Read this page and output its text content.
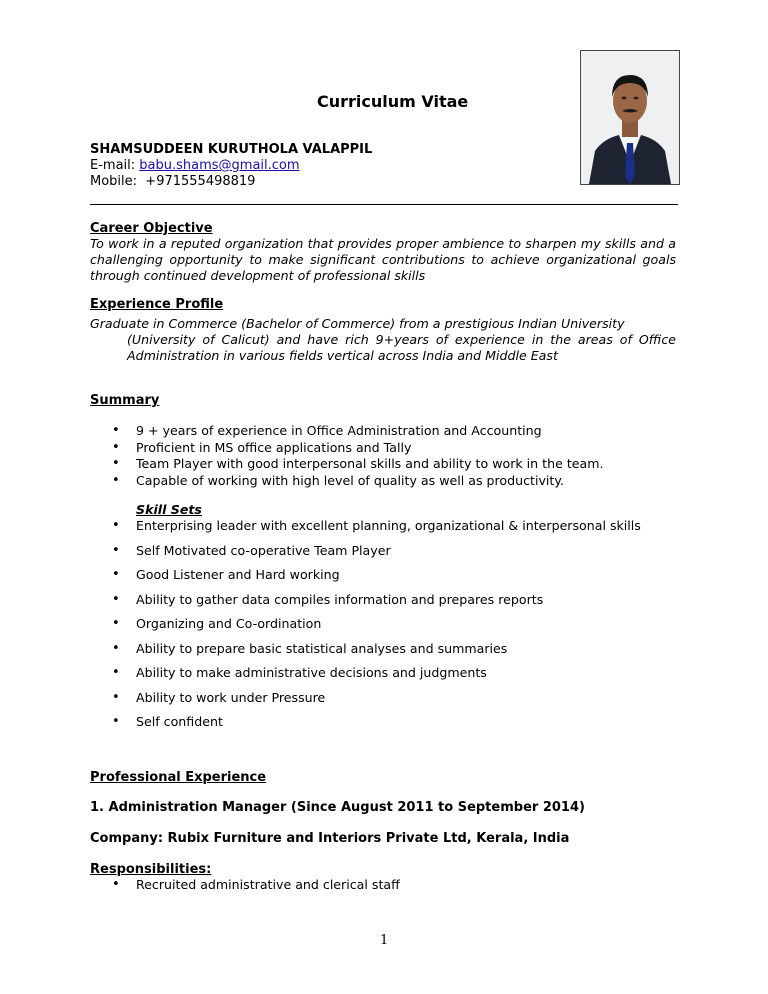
Curriculum Vitae
SHAMSUDDEEN KURUTHOLA VALAPPIL
E-mail: babu.shams@gmail.com
Mobile: +971555498819
Career Objective
To work in a reputed organization that provides proper ambience to sharpen my skills and a challenging opportunity to make significant contributions to achieve organizational goals through continued development of professional skills
Experience Profile
Graduate in Commerce (Bachelor of Commerce) from a prestigious Indian University
(University of Calicut) and have rich 9+years of experience in the areas of Office Administration in various fields vertical across India and Middle East
Summary
• 9 + years of experience in Office Administration and Accounting
• Proficient in MS office applications and Tally
• Team Player with good interpersonal skills and ability to work in the team.
• Capable of working with high level of quality as well as productivity.
Skill Sets
• Enterprising leader with excellent planning, organizational & interpersonal skills
• Self Motivated co-operative Team Player
• Good Listener and Hard working
• Ability to gather data compiles information and prepares reports
• Organizing and Co-ordination
• Ability to prepare basic statistical analyses and summaries
• Ability to make administrative decisions and judgments
• Ability to work under Pressure
• Self confident
Professional Experience
1. Administration Manager (Since August 2011 to September 2014)
Company: Rubix Furniture and Interiors Private Ltd, Kerala, India
Responsibilities:
• Recruited administrative and clerical staff
1
